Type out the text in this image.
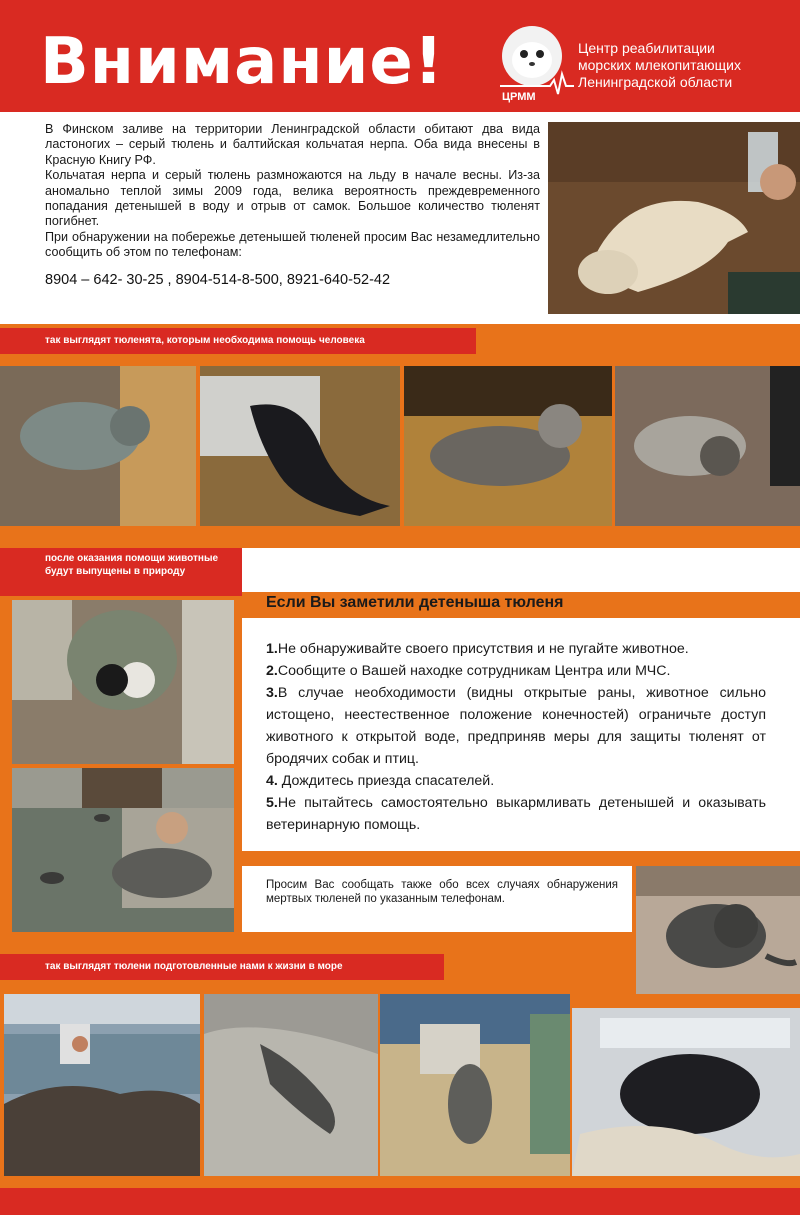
Внимание!	ЦРММ
Центр реабилитации
морских млекопитающих
Ленинградской области

В Финском заливе на территории Ленинградской области обитают два вида ластоногих – серый тюлень и балтийская кольчатая нерпа. Оба вида внесены в Красную Книгу РФ.

Кольчатая нерпа и серый тюлень размножаются на льду в начале весны. Из-за аномально теплой зимы 2009 года, велика вероятность преждевременного попадания детенышей в воду и отрыв от самок. Большое количество тюленят погибнет.

При обнаружении на побережье детенышей тюленей просим Вас незамедлительно сообщить об этом по телефонам:

8904 – 642- 30-25 , 8904-514-8-500, 8921-640-52-42
так выглядят тюленята, которым необходима помощь человека
после оказания помощи животные будут выпущены в природу
Если Вы заметили детеныша тюленя
1.Не обнаруживайте своего присутствия и не пугайте животное.
2.Сообщите о Вашей находке сотрудникам Центра или МЧС.
3.В случае необходимости (видны открытые раны, животное сильно истощено, неестественное положение конечностей) ограничьте доступ животного к открытой воде, предприняв меры для защиты тюленят от бродячих собак и птиц.
4. Дождитесь приезда спасателей.
5.Не пытайтесь самостоятельно выкармливать детенышей и оказывать ветеринарную помощь.
Просим Вас сообщать также обо всех случаях обнаружения мертвых тюленей по указанным телефонам.
так выглядят тюлени подготовленные нами к жизни в море
